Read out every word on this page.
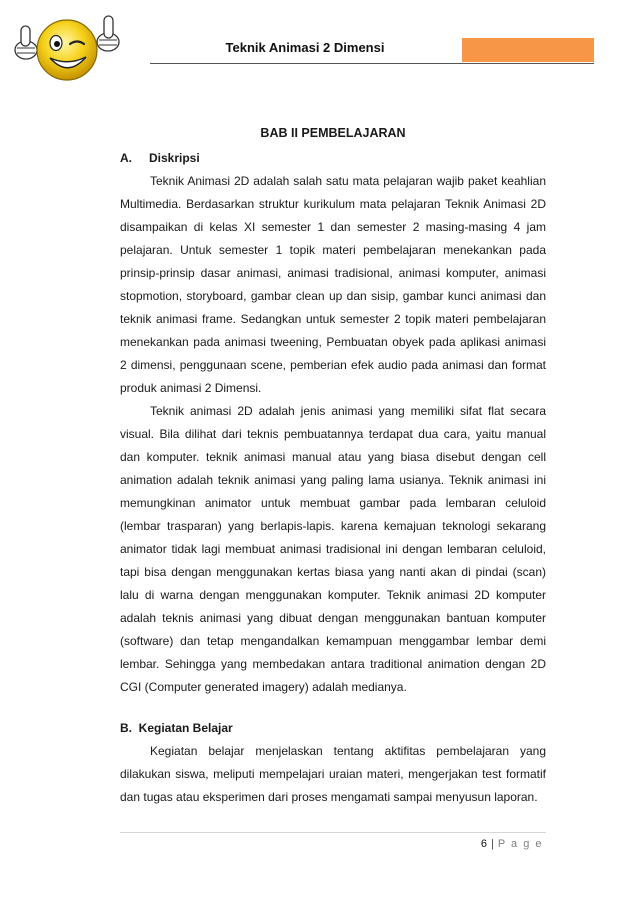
Teknik Animasi 2 Dimensi

BAB II PEMBELAJARAN

A. Diskripsi

Teknik Animasi 2D adalah salah satu mata pelajaran wajib paket keahlian Multimedia. Berdasarkan struktur kurikulum mata pelajaran Teknik Animasi 2D disampaikan di kelas XI semester 1 dan semester 2 masing-masing 4 jam pelajaran. Untuk semester 1 topik materi pembelajaran menekankan pada prinsip-prinsip dasar animasi, animasi tradisional, animasi komputer, animasi stopmotion, storyboard, gambar clean up dan sisip, gambar kunci animasi dan teknik animasi frame. Sedangkan untuk semester 2 topik materi pembelajaran menekankan pada animasi tweening, Pembuatan obyek pada aplikasi animasi 2 dimensi, penggunaan scene, pemberian efek audio pada animasi dan format produk animasi 2 Dimensi.

Teknik animasi 2D adalah jenis animasi yang memiliki sifat flat secara visual. Bila dilihat dari teknis pembuatannya terdapat dua cara, yaitu manual dan komputer. teknik animasi manual atau yang biasa disebut dengan cell animation adalah teknik animasi yang paling lama usianya. Teknik animasi ini memungkinan animator untuk membuat gambar pada lembaran celuloid (lembar trasparan) yang berlapis-lapis. karena kemajuan teknologi sekarang animator tidak lagi membuat animasi tradisional ini dengan lembaran celuloid, tapi bisa dengan menggunakan kertas biasa yang nanti akan di pindai (scan) lalu di warna dengan menggunakan komputer. Teknik animasi 2D komputer adalah teknis animasi yang dibuat dengan menggunakan bantuan komputer (software) dan tetap mengandalkan kemampuan menggambar lembar demi lembar. Sehingga yang membedakan antara traditional animation dengan 2D CGI (Computer generated imagery) adalah medianya.

B. Kegiatan Belajar

Kegiatan belajar menjelaskan tentang aktifitas pembelajaran yang dilakukan siswa, meliputi mempelajari uraian materi, mengerjakan test formatif dan tugas atau eksperimen dari proses mengamati sampai menyusun laporan.

6 | P a g e
